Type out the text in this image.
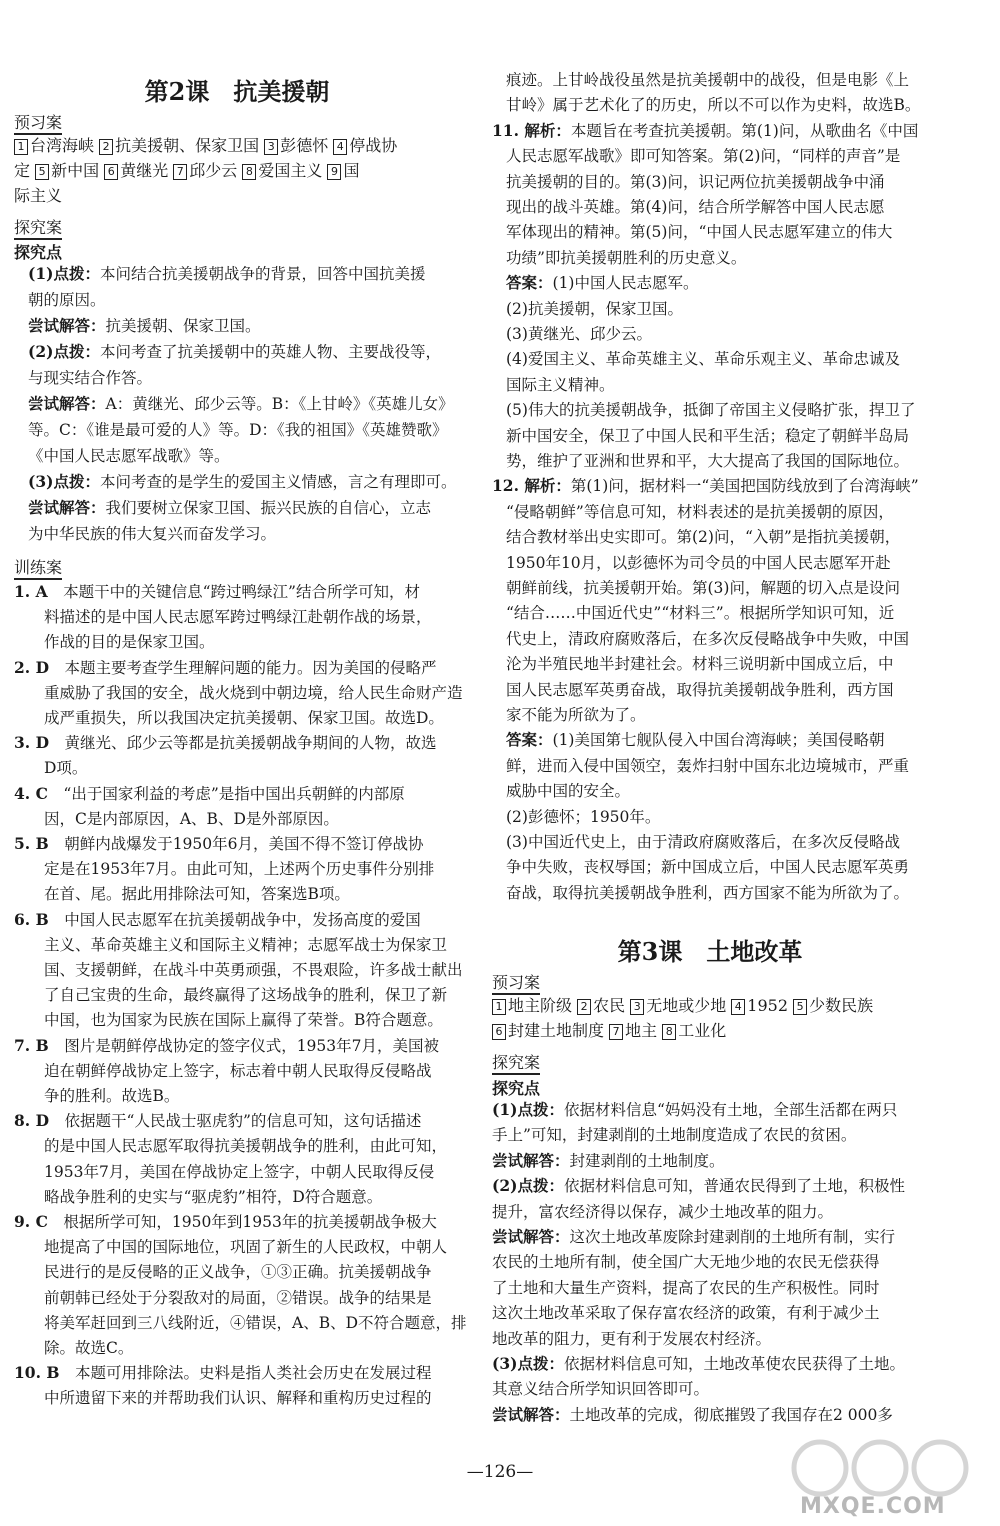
第2课　抗美援朝
预习案
1 台湾海峡 2 抗美援朝、保家卫国 3 彭德怀 4 停战协
定 5 新中国 6 黄继光 7 邱少云 8 爱国主义 9 国
际主义
探究案
探究点
(1)点拨：本问结合抗美援朝战争的背景，回答中国抗美援
朝的原因。
尝试解答：抗美援朝、保家卫国。
(2)点拨：本问考查了抗美援朝中的英雄人物、主要战役等，
与现实结合作答。
尝试解答：A：黄继光、邱少云等。B：《上甘岭》《英雄儿女》
等。C：《谁是最可爱的人》等。D：《我的祖国》《英雄赞歌》
《中国人民志愿军战歌》等。
(3)点拨：本问考查的是学生的爱国主义情感，言之有理即可。
尝试解答：我们要树立保家卫国、振兴民族的自信心，立志
为中华民族的伟大复兴而奋发学习。
训练案
1. A　本题干中的关键信息“跨过鸭绿江”结合所学可知，材
料描述的是中国人民志愿军跨过鸭绿江赴朝作战的场景，
作战的目的是保家卫国。
2. D　本题主要考查学生理解问题的能力。因为美国的侵略严
重威胁了我国的安全，战火烧到中朝边境，给人民生命财产造
成严重损失，所以我国决定抗美援朝、保家卫国。故选D。
3. D　黄继光、邱少云等都是抗美援朝战争期间的人物，故选
D项。
4. C　“出于国家利益的考虑”是指中国出兵朝鲜的内部原
因，C是内部原因，A、B、D是外部原因。
5. B　朝鲜内战爆发于1950年6月，美国不得不签订停战协
定是在1953年7月。由此可知，上述两个历史事件分别排
在首、尾。据此用排除法可知，答案选B项。
6. B　中国人民志愿军在抗美援朝战争中，发扬高度的爱国
主义、革命英雄主义和国际主义精神；志愿军战士为保家卫
国、支援朝鲜，在战斗中英勇顽强，不畏艰险，许多战士献出
了自己宝贵的生命，最终赢得了这场战争的胜利，保卫了新
中国，也为国家为民族在国际上赢得了荣誉。B符合题意。
7. B　图片是朝鲜停战协定的签字仪式，1953年7月，美国被
迫在朝鲜停战协定上签字，标志着中朝人民取得反侵略战
争的胜利。故选B。
8. D　依据题干“人民战士驱虎豹”的信息可知，这句话描述
的是中国人民志愿军取得抗美援朝战争的胜利，由此可知，
1953年7月，美国在停战协定上签字，中朝人民取得反侵
略战争胜利的史实与“驱虎豹”相符，D符合题意。
9. C　根据所学可知，1950年到1953年的抗美援朝战争极大
地提高了中国的国际地位，巩固了新生的人民政权，中朝人
民进行的是反侵略的正义战争，①③正确。抗美援朝战争
前朝韩已经处于分裂敌对的局面，②错误。战争的结果是
将美军赶回到三八线附近，④错误，A、B、D不符合题意，排
除。故选C。
10. B　本题可用排除法。史料是指人类社会历史在发展过程
中所遗留下来的并帮助我们认识、解释和重构历史过程的
痕迹。上甘岭战役虽然是抗美援朝中的战役，但是电影《上
甘岭》属于艺术化了的历史，所以不可以作为史料，故选B。
11. 解析：本题旨在考查抗美援朝。第(1)问，从歌曲名《中国
人民志愿军战歌》即可知答案。第(2)问，“同样的声音”是
抗美援朝的目的。第(3)问，识记两位抗美援朝战争中涌
现出的战斗英雄。第(4)问，结合所学解答中国人民志愿
军体现出的精神。第(5)问，“中国人民志愿军建立的伟大
功绩”即抗美援朝胜利的历史意义。
答案：(1)中国人民志愿军。
(2)抗美援朝，保家卫国。
(3)黄继光、邱少云。
(4)爱国主义、革命英雄主义、革命乐观主义、革命忠诚及
国际主义精神。
(5)伟大的抗美援朝战争，抵御了帝国主义侵略扩张，捍卫了
新中国安全，保卫了中国人民和平生活；稳定了朝鲜半岛局
势，维护了亚洲和世界和平，大大提高了我国的国际地位。
12. 解析：第(1)问，据材料一“美国把国防线放到了台湾海峡”
“侵略朝鲜”等信息可知，材料表述的是抗美援朝的原因，
结合教材举出史实即可。第(2)问，“入朝”是指抗美援朝，
1950年10月，以彭德怀为司令员的中国人民志愿军开赴
朝鲜前线，抗美援朝开始。第(3)问，解题的切入点是设问
“结合……中国近代史”“材料三”。根据所学知识可知，近
代史上，清政府腐败落后，在多次反侵略战争中失败，中国
沦为半殖民地半封建社会。材料三说明新中国成立后，中
国人民志愿军英勇奋战，取得抗美援朝战争胜利，西方国
家不能为所欲为了。
答案：(1)美国第七舰队侵入中国台湾海峡；美国侵略朝
鲜，进而入侵中国领空，轰炸扫射中国东北边境城市，严重
威胁中国的安全。
(2)彭德怀；1950年。
(3)中国近代史上，由于清政府腐败落后，在多次反侵略战
争中失败，丧权辱国；新中国成立后，中国人民志愿军英勇
奋战，取得抗美援朝战争胜利，西方国家不能为所欲为了。
第3课　土地改革
预习案
1 地主阶级 2 农民 3 无地或少地 4 1952 5 少数民族
6 封建土地制度 7 地主 8 工业化
探究案
探究点
(1)点拨：依据材料信息“妈妈没有土地，全部生活都在两只
手上”可知，封建剥削的土地制度造成了农民的贫困。
尝试解答：封建剥削的土地制度。
(2)点拨：依据材料信息可知，普通农民得到了土地，积极性
提升，富农经济得以保存，减少土地改革的阻力。
尝试解答：这次土地改革废除封建剥削的土地所有制，实行
农民的土地所有制，使全国广大无地少地的农民无偿获得
了土地和大量生产资料，提高了农民的生产积极性。同时
这次土地改革采取了保存富农经济的政策，有利于减少土
地改革的阻力，更有利于发展农村经济。
(3)点拨：依据材料信息可知，土地改革使农民获得了土地。
其意义结合所学知识回答即可。
尝试解答：土地改革的完成，彻底摧毁了我国存在2 000多
—126—
MXQE.COM
